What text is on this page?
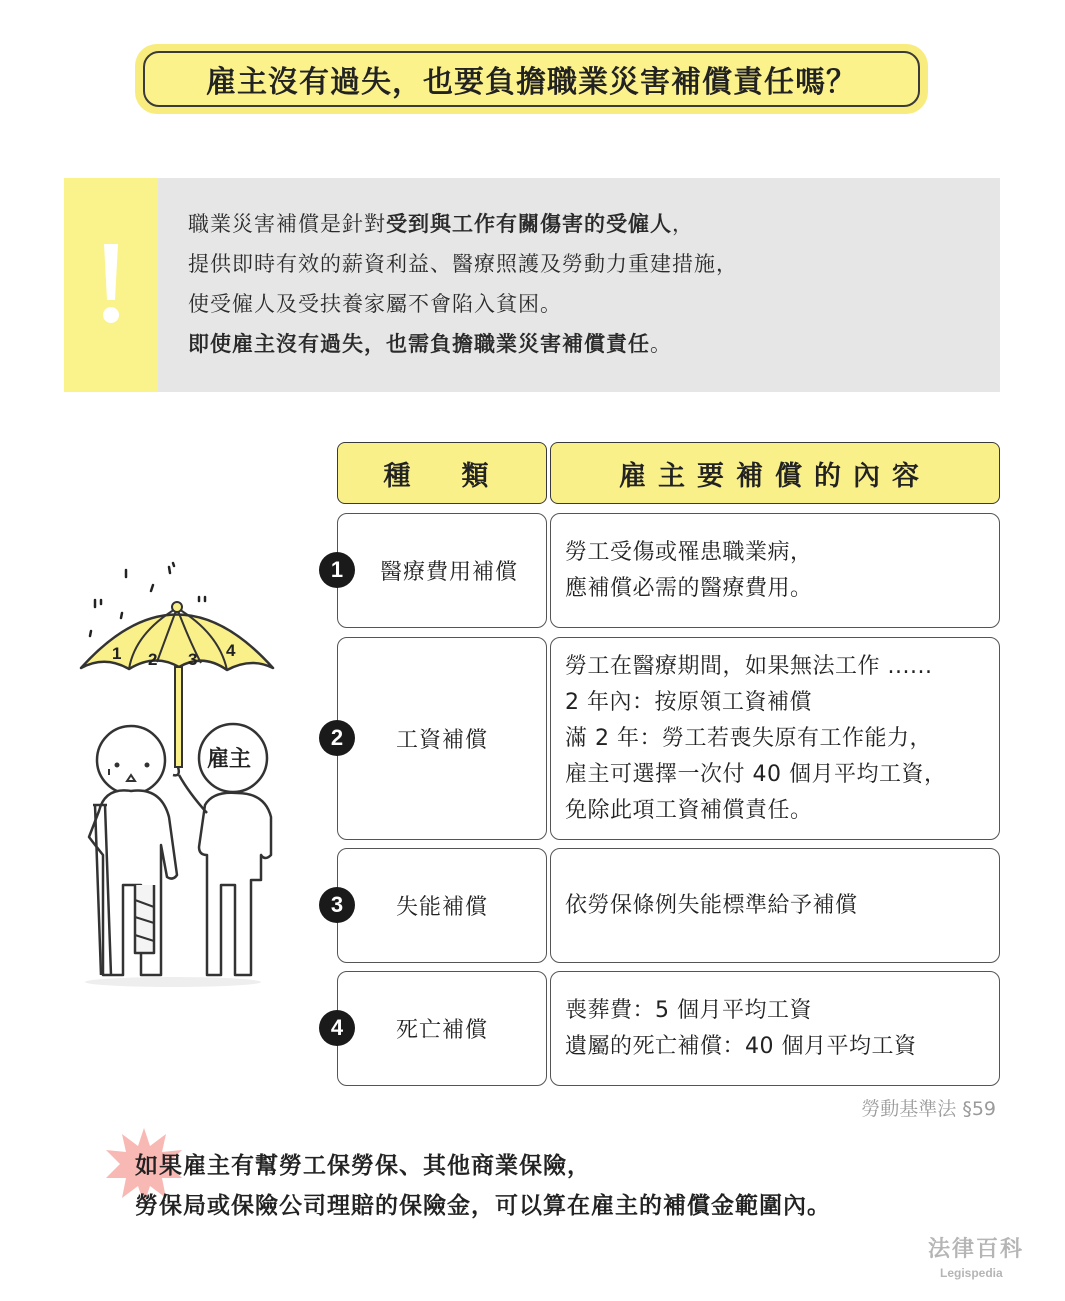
雇主沒有過失，也要負擔職業災害補償責任嗎？
職業災害補償是針對受到與工作有關傷害的受僱人，
提供即時有效的薪資利益、醫療照護及勞動力重建措施，
使受僱人及受扶養家屬不會陷入貧困。
即使雇主沒有過失，也需負擔職業災害補償責任。
1 2 3 4
雇主
種　類	雇主要補償的內容
醫療費用補償
勞工受傷或罹患職業病，
應補償必需的醫療費用。
1
工資補償
勞工在醫療期間，如果無法工作 ......
2 年內：按原領工資補償
滿 2 年：勞工若喪失原有工作能力，
雇主可選擇一次付 40 個月平均工資，
免除此項工資補償責任。
2
失能補償	依勞保條例失能標準給予補償
3
死亡補償
喪葬費：5 個月平均工資
遺屬的死亡補償：40 個月平均工資
4
勞動基準法 §59
如果雇主有幫勞工保勞保、其他商業保險，
勞保局或保險公司理賠的保險金，可以算在雇主的補償金範圍內。
法律百科
Legispedia
